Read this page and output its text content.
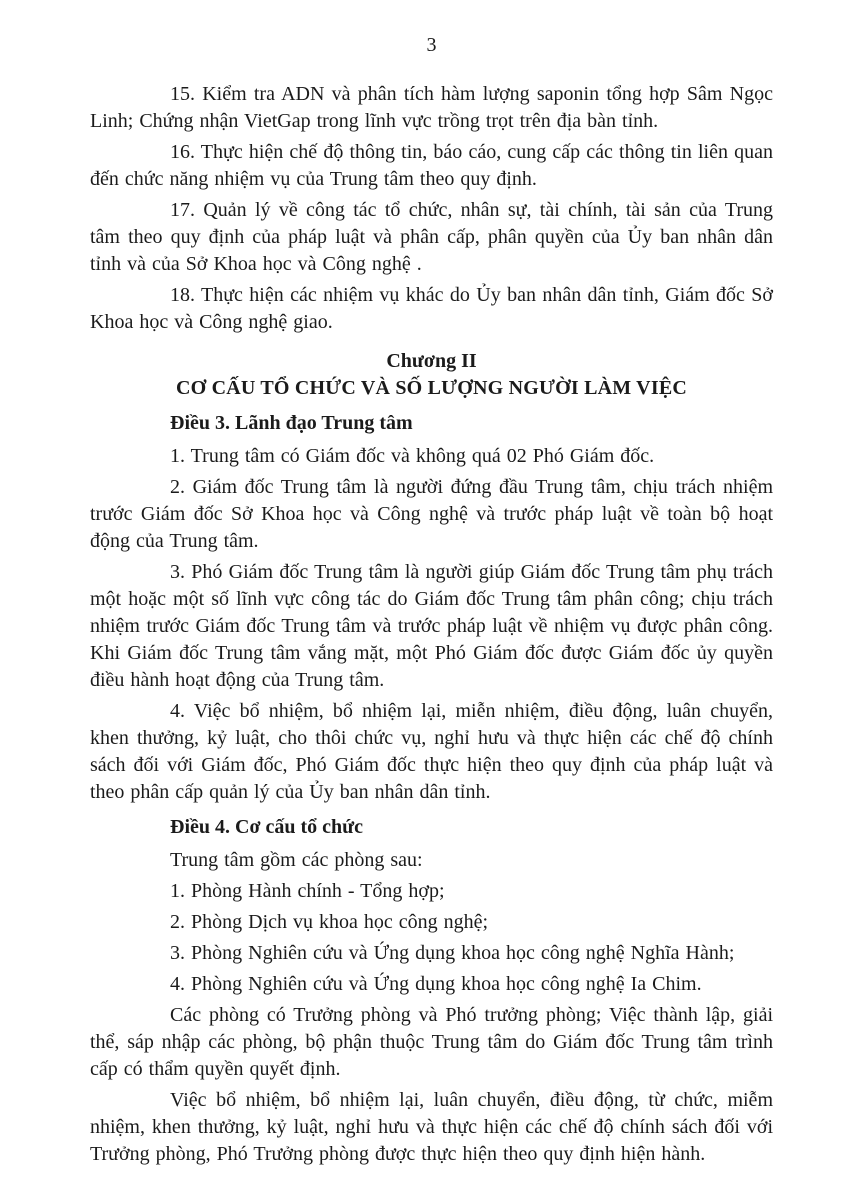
3

15. Kiểm tra ADN và phân tích hàm lượng saponin tổng hợp Sâm Ngọc Linh; Chứng nhận VietGap trong lĩnh vực trồng trọt trên địa bàn tỉnh.

16. Thực hiện chế độ thông tin, báo cáo, cung cấp các thông tin liên quan đến chức năng nhiệm vụ của Trung tâm theo quy định.

17. Quản lý về công tác tổ chức, nhân sự, tài chính, tài sản của Trung tâm theo quy định của pháp luật và phân cấp, phân quyền của Ủy ban nhân dân tỉnh và của Sở Khoa học và Công nghệ .

18. Thực hiện các nhiệm vụ khác do Ủy ban nhân dân tỉnh, Giám đốc Sở Khoa học và Công nghệ giao.

Chương II
CƠ CẤU TỔ CHỨC VÀ SỐ LƯỢNG NGƯỜI LÀM VIỆC

Điều 3. Lãnh đạo Trung tâm

1. Trung tâm có Giám đốc và không quá 02 Phó Giám đốc.

2. Giám đốc Trung tâm là người đứng đầu Trung tâm, chịu trách nhiệm trước Giám đốc Sở Khoa học và Công nghệ và trước pháp luật về toàn bộ hoạt động của Trung tâm.

3. Phó Giám đốc Trung tâm là người giúp Giám đốc Trung tâm phụ trách một hoặc một số lĩnh vực công tác do Giám đốc Trung tâm phân công; chịu trách nhiệm trước Giám đốc Trung tâm và trước pháp luật về nhiệm vụ được phân công. Khi Giám đốc Trung tâm vắng mặt, một Phó Giám đốc được Giám đốc ủy quyền điều hành hoạt động của Trung tâm.

4. Việc bổ nhiệm, bổ nhiệm lại, miễn nhiệm, điều động, luân chuyển, khen thưởng, kỷ luật, cho thôi chức vụ, nghỉ hưu và thực hiện các chế độ chính sách đối với Giám đốc, Phó Giám đốc thực hiện theo quy định của pháp luật và theo phân cấp quản lý của Ủy ban nhân dân tỉnh.

Điều 4. Cơ cấu tổ chức

Trung tâm gồm các phòng sau:

1. Phòng Hành chính - Tổng hợp;

2. Phòng Dịch vụ khoa học công nghệ;

3. Phòng Nghiên cứu và Ứng dụng khoa học công nghệ Nghĩa Hành;

4. Phòng Nghiên cứu và Ứng dụng khoa học công nghệ Ia Chim.

Các phòng có Trưởng phòng và Phó trưởng phòng; Việc thành lập, giải thể, sáp nhập các phòng, bộ phận thuộc Trung tâm do Giám đốc Trung tâm trình cấp có thẩm quyền quyết định.

Việc bổ nhiệm, bổ nhiệm lại, luân chuyển, điều động, từ chức, miễm nhiệm, khen thưởng, kỷ luật, nghỉ hưu và thực hiện các chế độ chính sách đối với Trưởng phòng, Phó Trưởng phòng được thực hiện theo quy định hiện hành.
